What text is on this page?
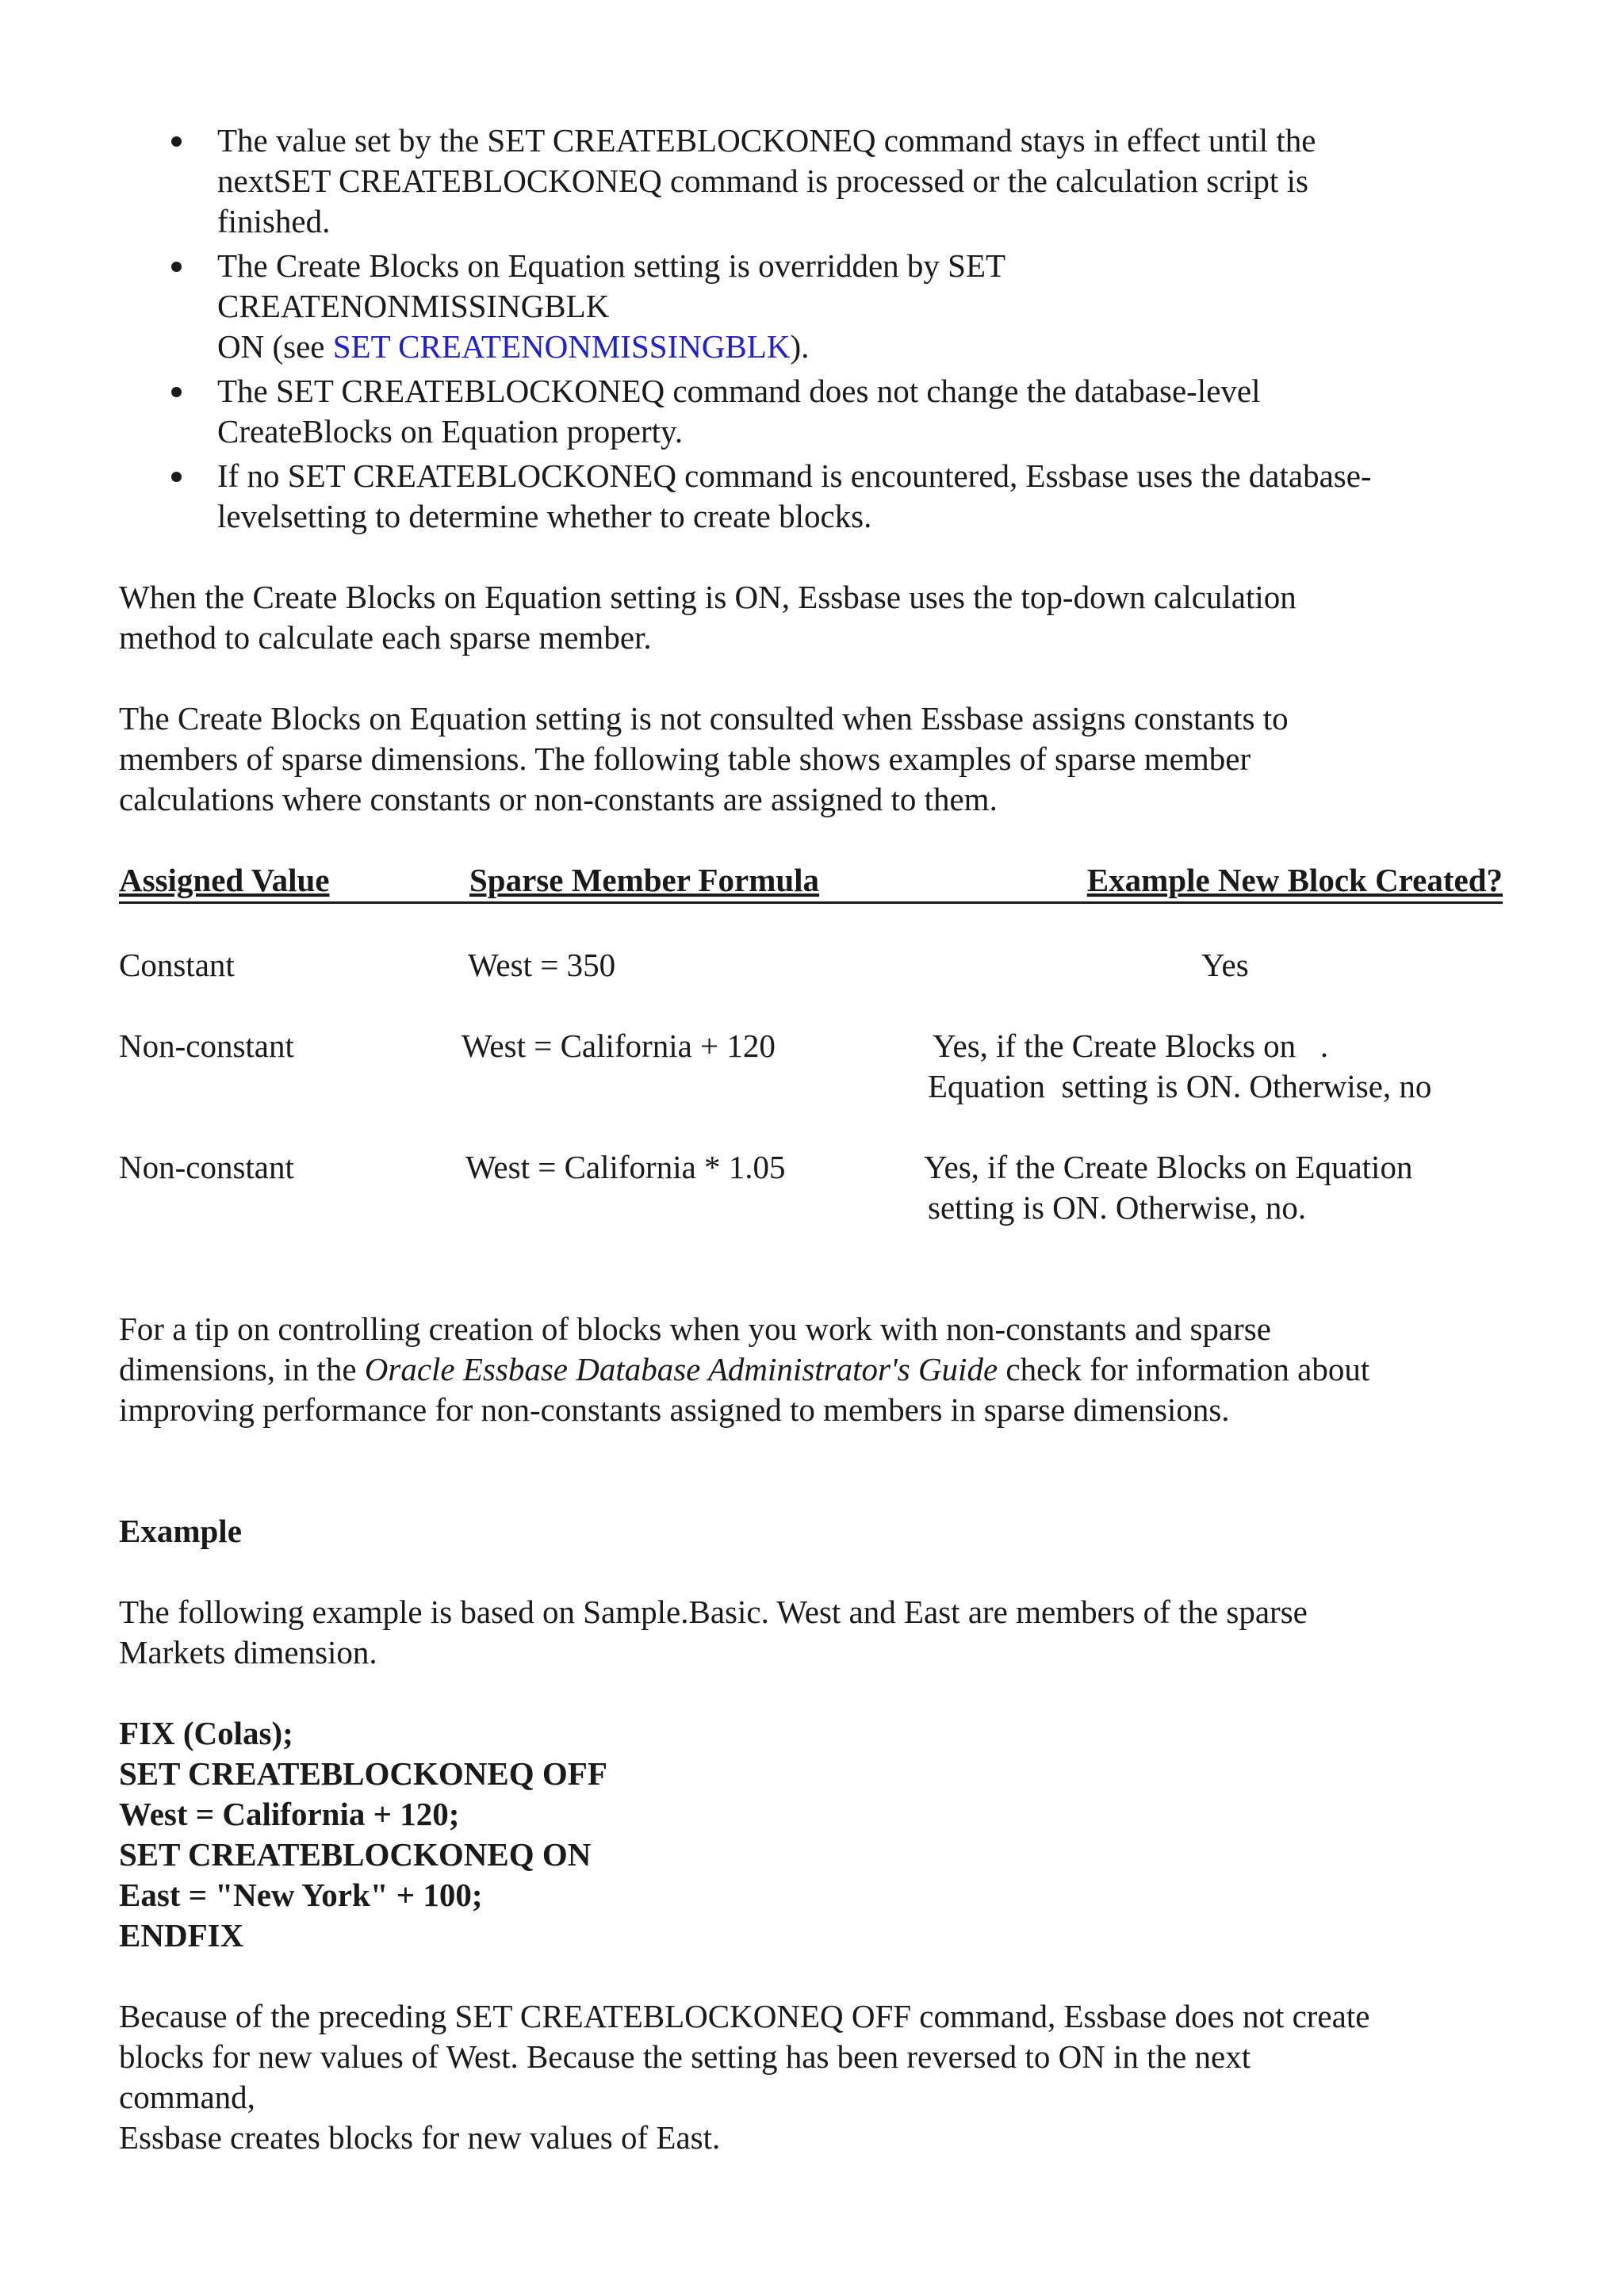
The value set by the SET CREATEBLOCKONEQ command stays in effect until the
nextSET CREATEBLOCKONEQ command is processed or the calculation script is
finished.
The Create Blocks on Equation setting is overridden by SET
CREATENONMISSINGBLK
ON (see SET CREATENONMISSINGBLK).
The SET CREATEBLOCKONEQ command does not change the database-level
CreateBlocks on Equation property.
If no SET CREATEBLOCKONEQ command is encountered, Essbase uses the database-
levelsetting to determine whether to create blocks.

When the Create Blocks on Equation setting is ON, Essbase uses the top-down calculation
method to calculate each sparse member.

The Create Blocks on Equation setting is not consulted when Essbase assigns constants to
members of sparse dimensions. The following table shows examples of sparse member
calculations where constants or non-constants are assigned to them.

Assigned Value	Sparse Member Formula	Example New Block Created?
Constant	West = 350	Yes
Non-constant	West = California + 120	Yes, if the Create Blocks on   .
Equation  setting is ON. Otherwise, no
Non-constant	West = California * 1.05	Yes, if the Create Blocks on Equation
setting is ON. Otherwise, no.

For a tip on controlling creation of blocks when you work with non-constants and sparse
dimensions, in the Oracle Essbase Database Administrator's Guide check for information about
improving performance for non-constants assigned to members in sparse dimensions.

Example

The following example is based on Sample.Basic. West and East are members of the sparse
Markets dimension.

FIX (Colas);
SET CREATEBLOCKONEQ OFF
West = California + 120;
SET CREATEBLOCKONEQ ON
East = "New York" + 100;
ENDFIX

Because of the preceding SET CREATEBLOCKONEQ OFF command, Essbase does not create
blocks for new values of West. Because the setting has been reversed to ON in the next
command,
Essbase creates blocks for new values of East.
